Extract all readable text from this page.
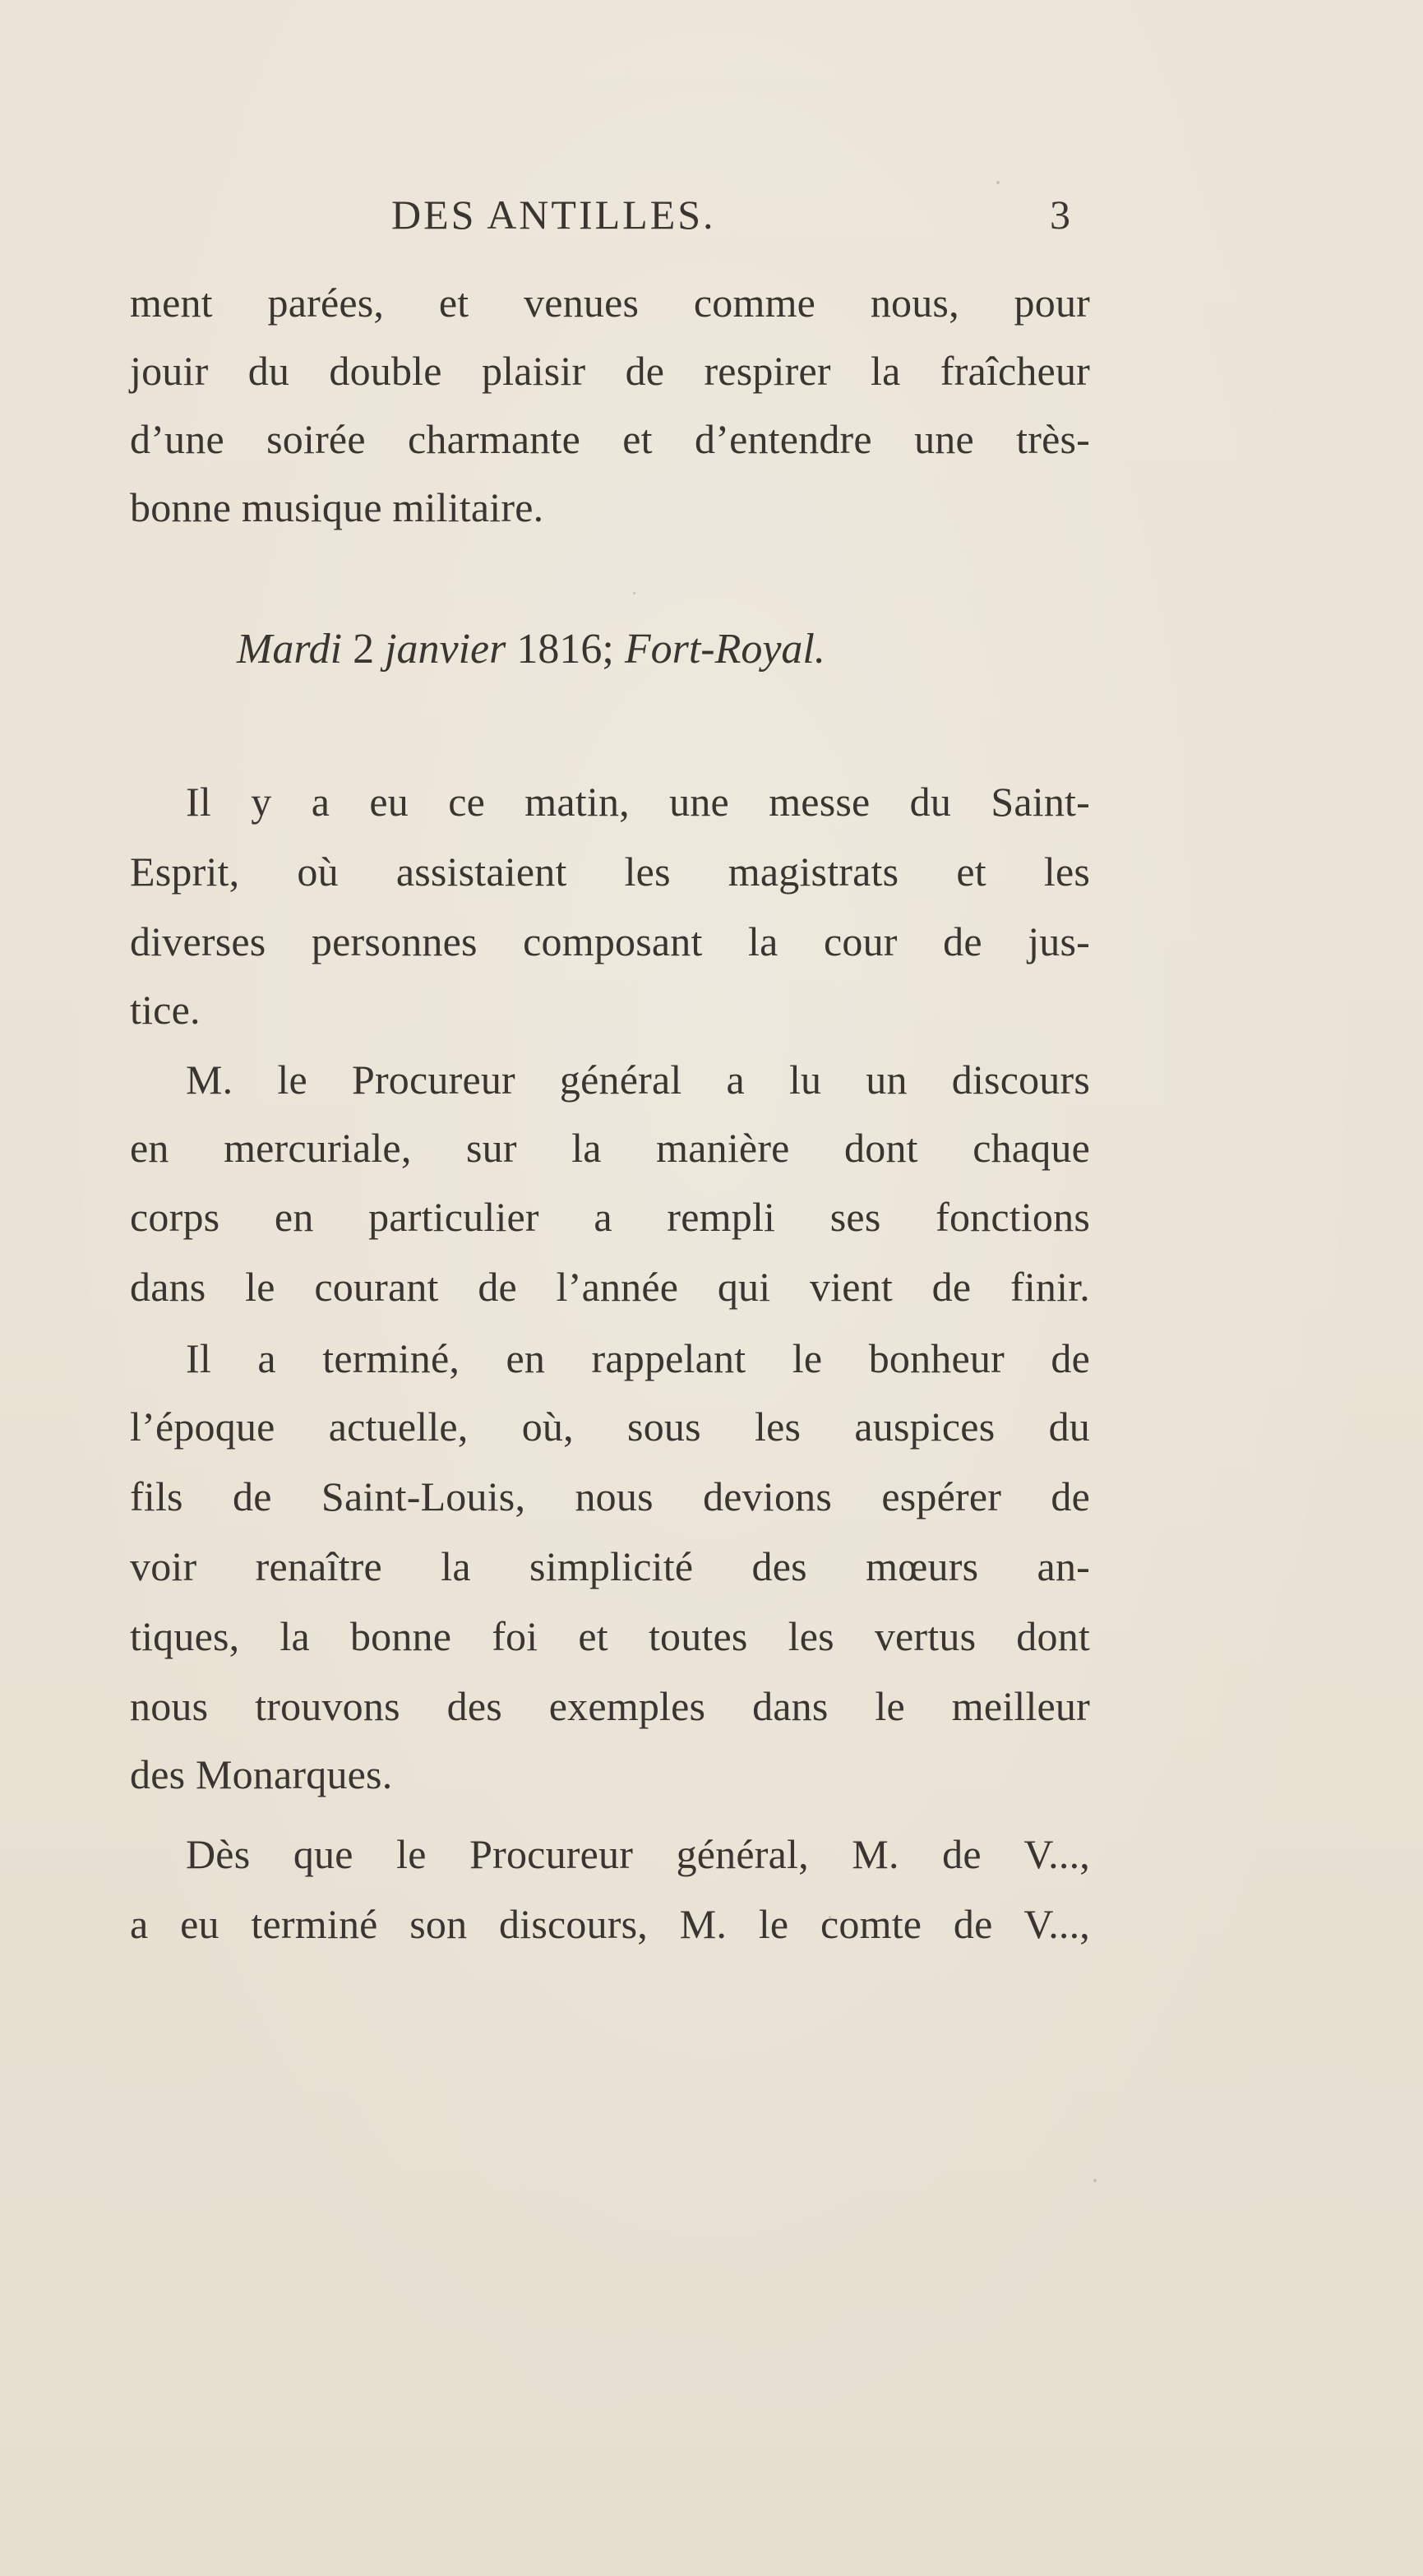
DES ANTILLES.	3
ment parées, et venues comme nous, pour
jouir du double plaisir de respirer la fraîcheur
d’une soirée charmante et d’entendre une très-
bonne musique militaire.
Mardi 2 janvier 1816; Fort-Royal.
Il y a eu ce matin, une messe du Saint-
Esprit, où assistaient les magistrats et les
diverses personnes composant la cour de jus-
tice.
M. le Procureur général a lu un discours
en mercuriale, sur la manière dont chaque
corps en particulier a rempli ses fonctions
dans le courant de l’année qui vient de finir.
Il a terminé, en rappelant le bonheur de
l’époque actuelle, où, sous les auspices du
fils de Saint-Louis, nous devions espérer de
voir renaître la simplicité des mœurs an-
tiques, la bonne foi et toutes les vertus dont
nous trouvons des exemples dans le meilleur
des Monarques.
Dès que le Procureur général, M. de V...,
a eu terminé son discours, M. le comte de V...,
